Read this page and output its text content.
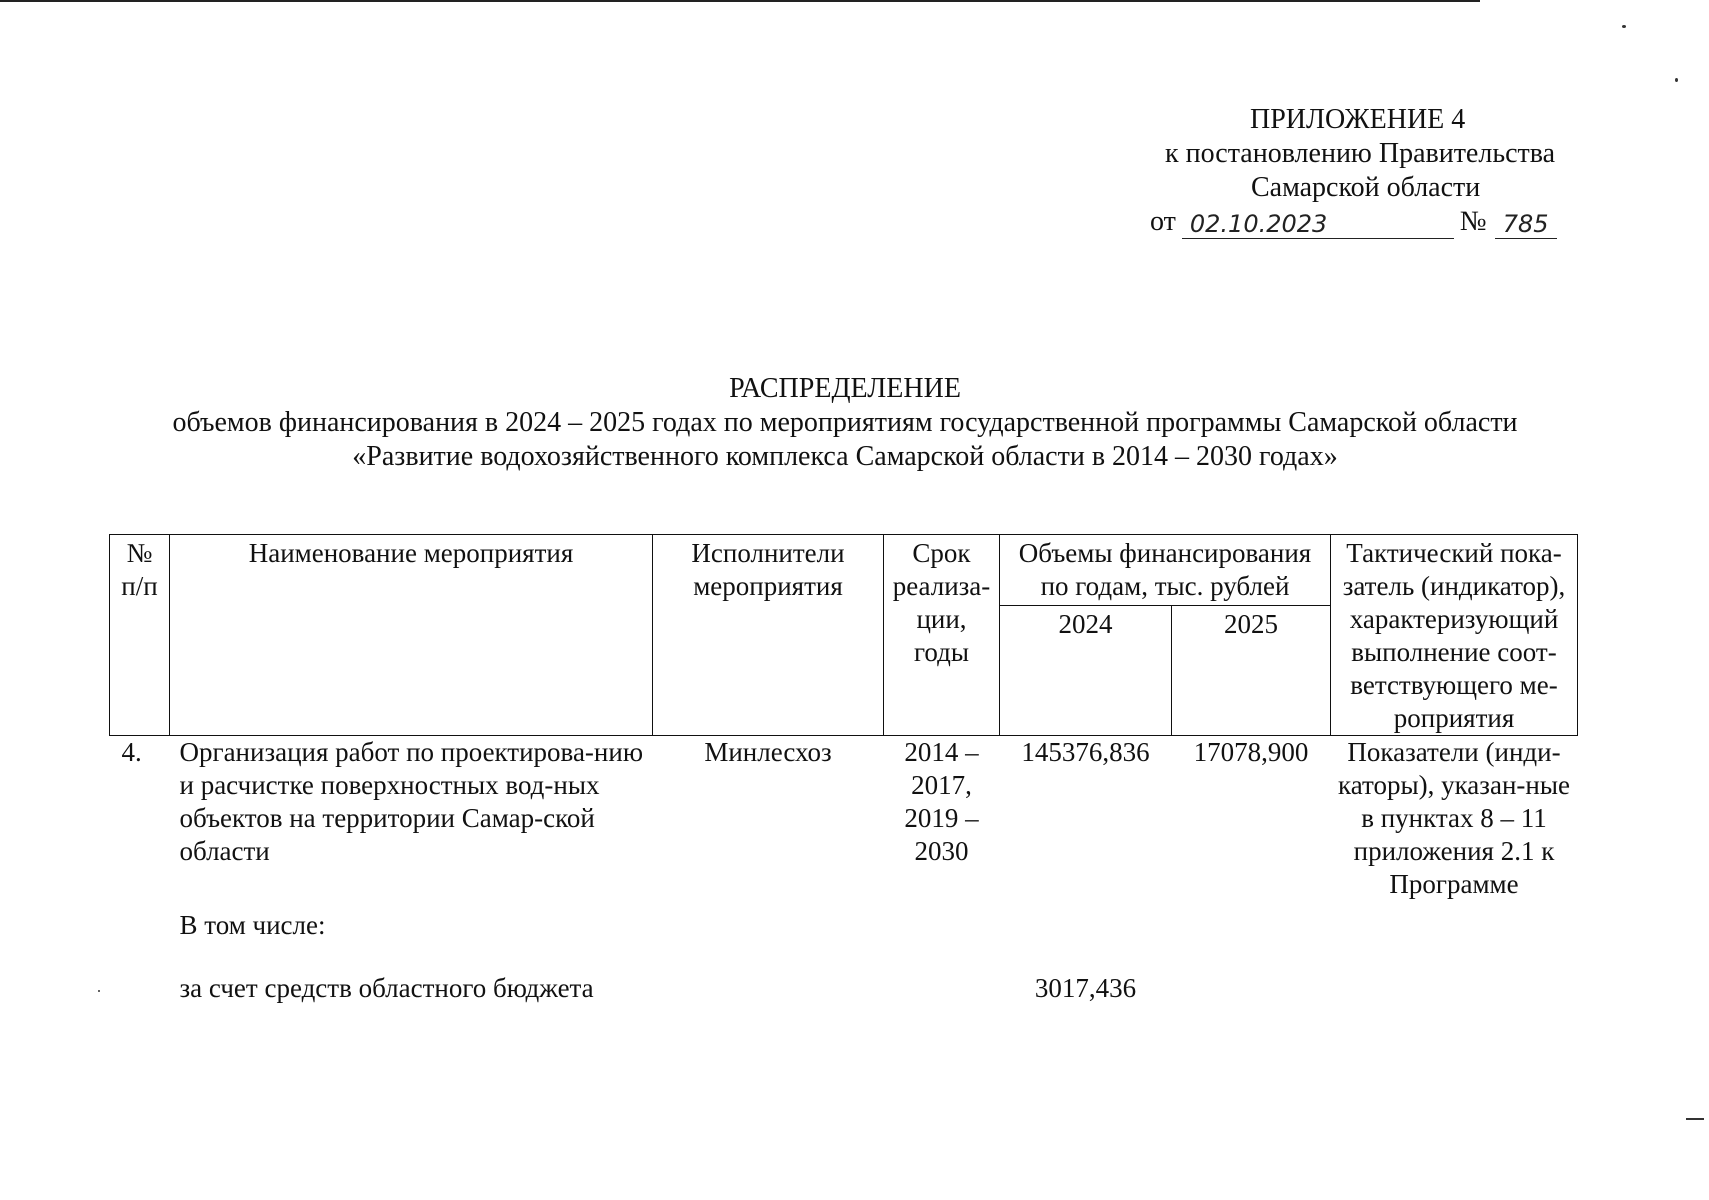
ПРИЛОЖЕНИЕ 4
к постановлению Правительства
Самарской области
от 02.10.2023	№ 785
РАСПРЕДЕЛЕНИЕ
объемов финансирования в 2024 – 2025 годах по мероприятиям государственной программы Самарской области
«Развитие водохозяйственного комплекса Самарской области в 2014 – 2030 годах»
№ п/п	Наименование мероприятия	Исполнители мероприятия	Срок реализа-ции, годы	Объемы финансирования по годам, тыс. рублей		Тактический пока-затель (индикатор), характеризующий выполнение соот-ветствующего ме-роприятия
				2024	2025	
4.	Организация работ по проектирова-нию и расчистке поверхностных вод-ных объектов на территории Самар-ской области	Минлесхоз	2014 – 2017, 2019 – 2030	145376,836	17078,900	Показатели (инди-каторы), указан-ные в пунктах 8 – 11 приложения 2.1 к Программе
	В том числе:					

	за счет средств областного бюджета			3017,436		
